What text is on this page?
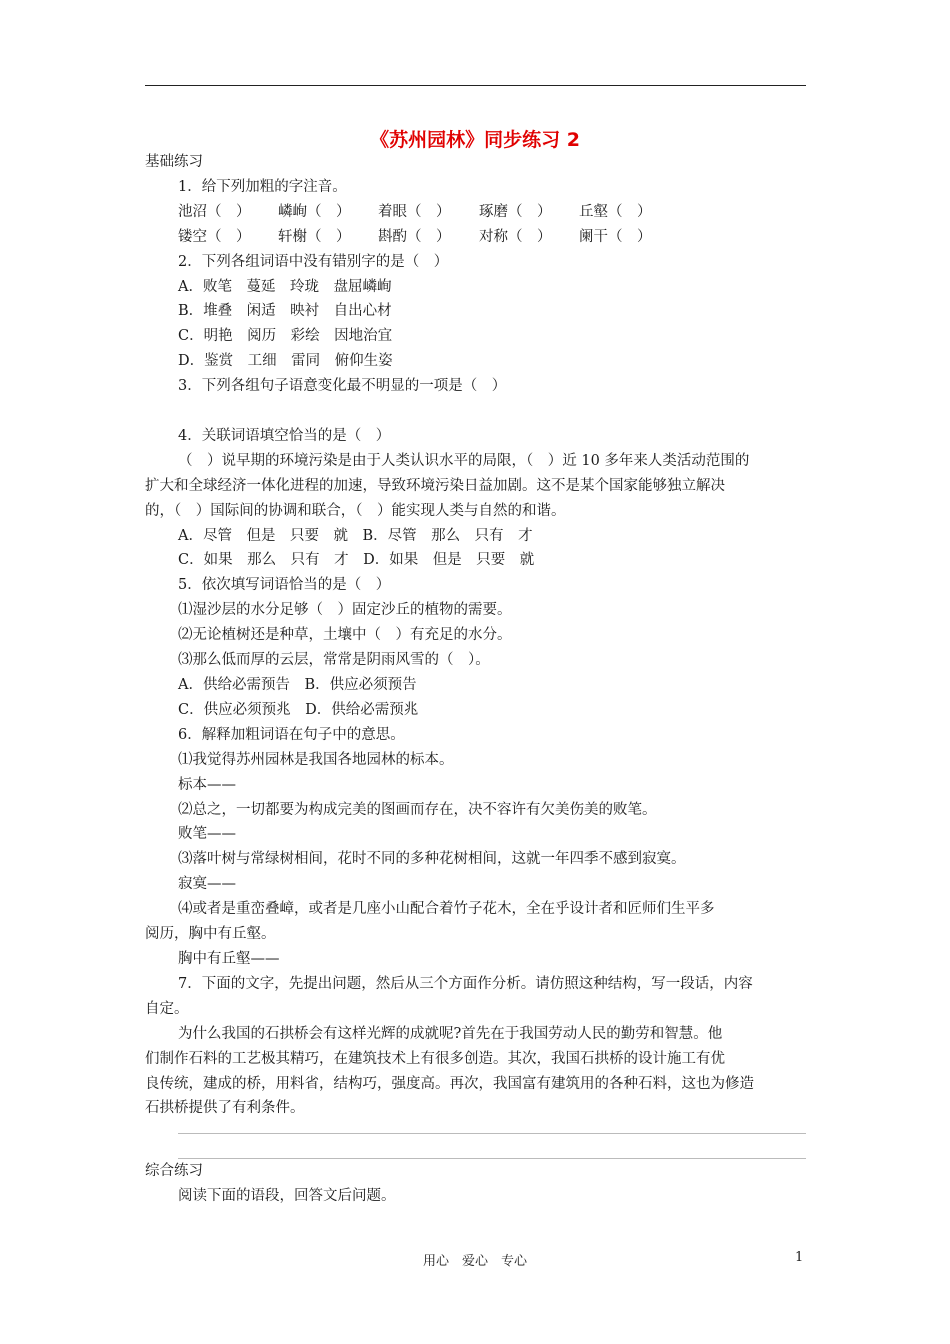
《苏州园林》同步练习 2

基础练习

1．给下列加粗的字注音。

池沼（　） 嶙峋（　） 着眼（　） 琢磨（　） 丘壑（　）

镂空（　） 轩榭（　） 斟酌（　） 对称（　） 阑干（　）

2．下列各组词语中没有错别字的是（　）

A．败笔　蔓延　玲珑　盘屈嶙峋

B．堆叠　闲适　映衬　自出心材

C．明艳　阅历　彩绘　因地治宜

D．鉴赏　工细　雷同　俯仰生姿

3．下列各组句子语意变化最不明显的一项是（　）

4．关联词语填空恰当的是（　）

（　）说早期的环境污染是由于人类认识水平的局限，（　）近 10 多年来人类活动范围的

扩大和全球经济一体化进程的加速，导致环境污染日益加剧。这不是某个国家能够独立解决

的，（　）国际间的协调和联合，（　）能实现人类与自然的和谐。

A．尽管　但是　只要　就　B．尽管　那么　只有　才

C．如果　那么　只有　才　D．如果　但是　只要　就

5．依次填写词语恰当的是（　）

⑴湿沙层的水分足够（　）固定沙丘的植物的需要。

⑵无论植树还是种草，土壤中（　）有充足的水分。

⑶那么低而厚的云层，常常是阴雨风雪的（　）。

A．供给必需预告　B．供应必须预告

C．供应必须预兆　D．供给必需预兆

6．解释加粗词语在句子中的意思。

⑴我觉得苏州园林是我国各地园林的标本。

标本——

⑵总之，一切都要为构成完美的图画而存在，决不容许有欠美伤美的败笔。

败笔——

⑶落叶树与常绿树相间，花时不同的多种花树相间，这就一年四季不感到寂寞。

寂寞——

⑷或者是重峦叠嶂，或者是几座小山配合着竹子花木，全在乎设计者和匠师们生平多

阅历，胸中有丘壑。

胸中有丘壑——

7．下面的文字，先提出问题，然后从三个方面作分析。请仿照这种结构，写一段话，内容

自定。

为什么我国的石拱桥会有这样光辉的成就呢?首先在于我国劳动人民的勤劳和智慧。他

们制作石料的工艺极其精巧，在建筑技术上有很多创造。其次，我国石拱桥的设计施工有优

良传统，建成的桥，用料省，结构巧，强度高。再次，我国富有建筑用的各种石料，这也为修造

石拱桥提供了有利条件。

综合练习

阅读下面的语段，回答文后问题。

用心　爱心　专心	1
